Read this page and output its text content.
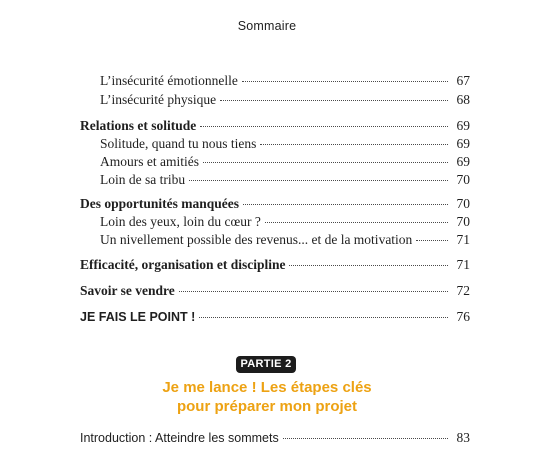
Sommaire
L’insécurité émotionnelle	67
L’insécurité physique	68
Relations et solitude	69
Solitude, quand tu nous tiens	69
Amours et amitiés	69
Loin de sa tribu	70
Des opportunités manquées	70
Loin des yeux, loin du cœur ?	70
Un nivellement possible des revenus... et de la motivation	71
Efficacité, organisation et discipline	71
Savoir se vendre	72
JE FAIS LE POINT !	76
PARTIE 2
Je me lance ! Les étapes clés
pour préparer mon projet
Introduction : Atteindre les sommets	83
